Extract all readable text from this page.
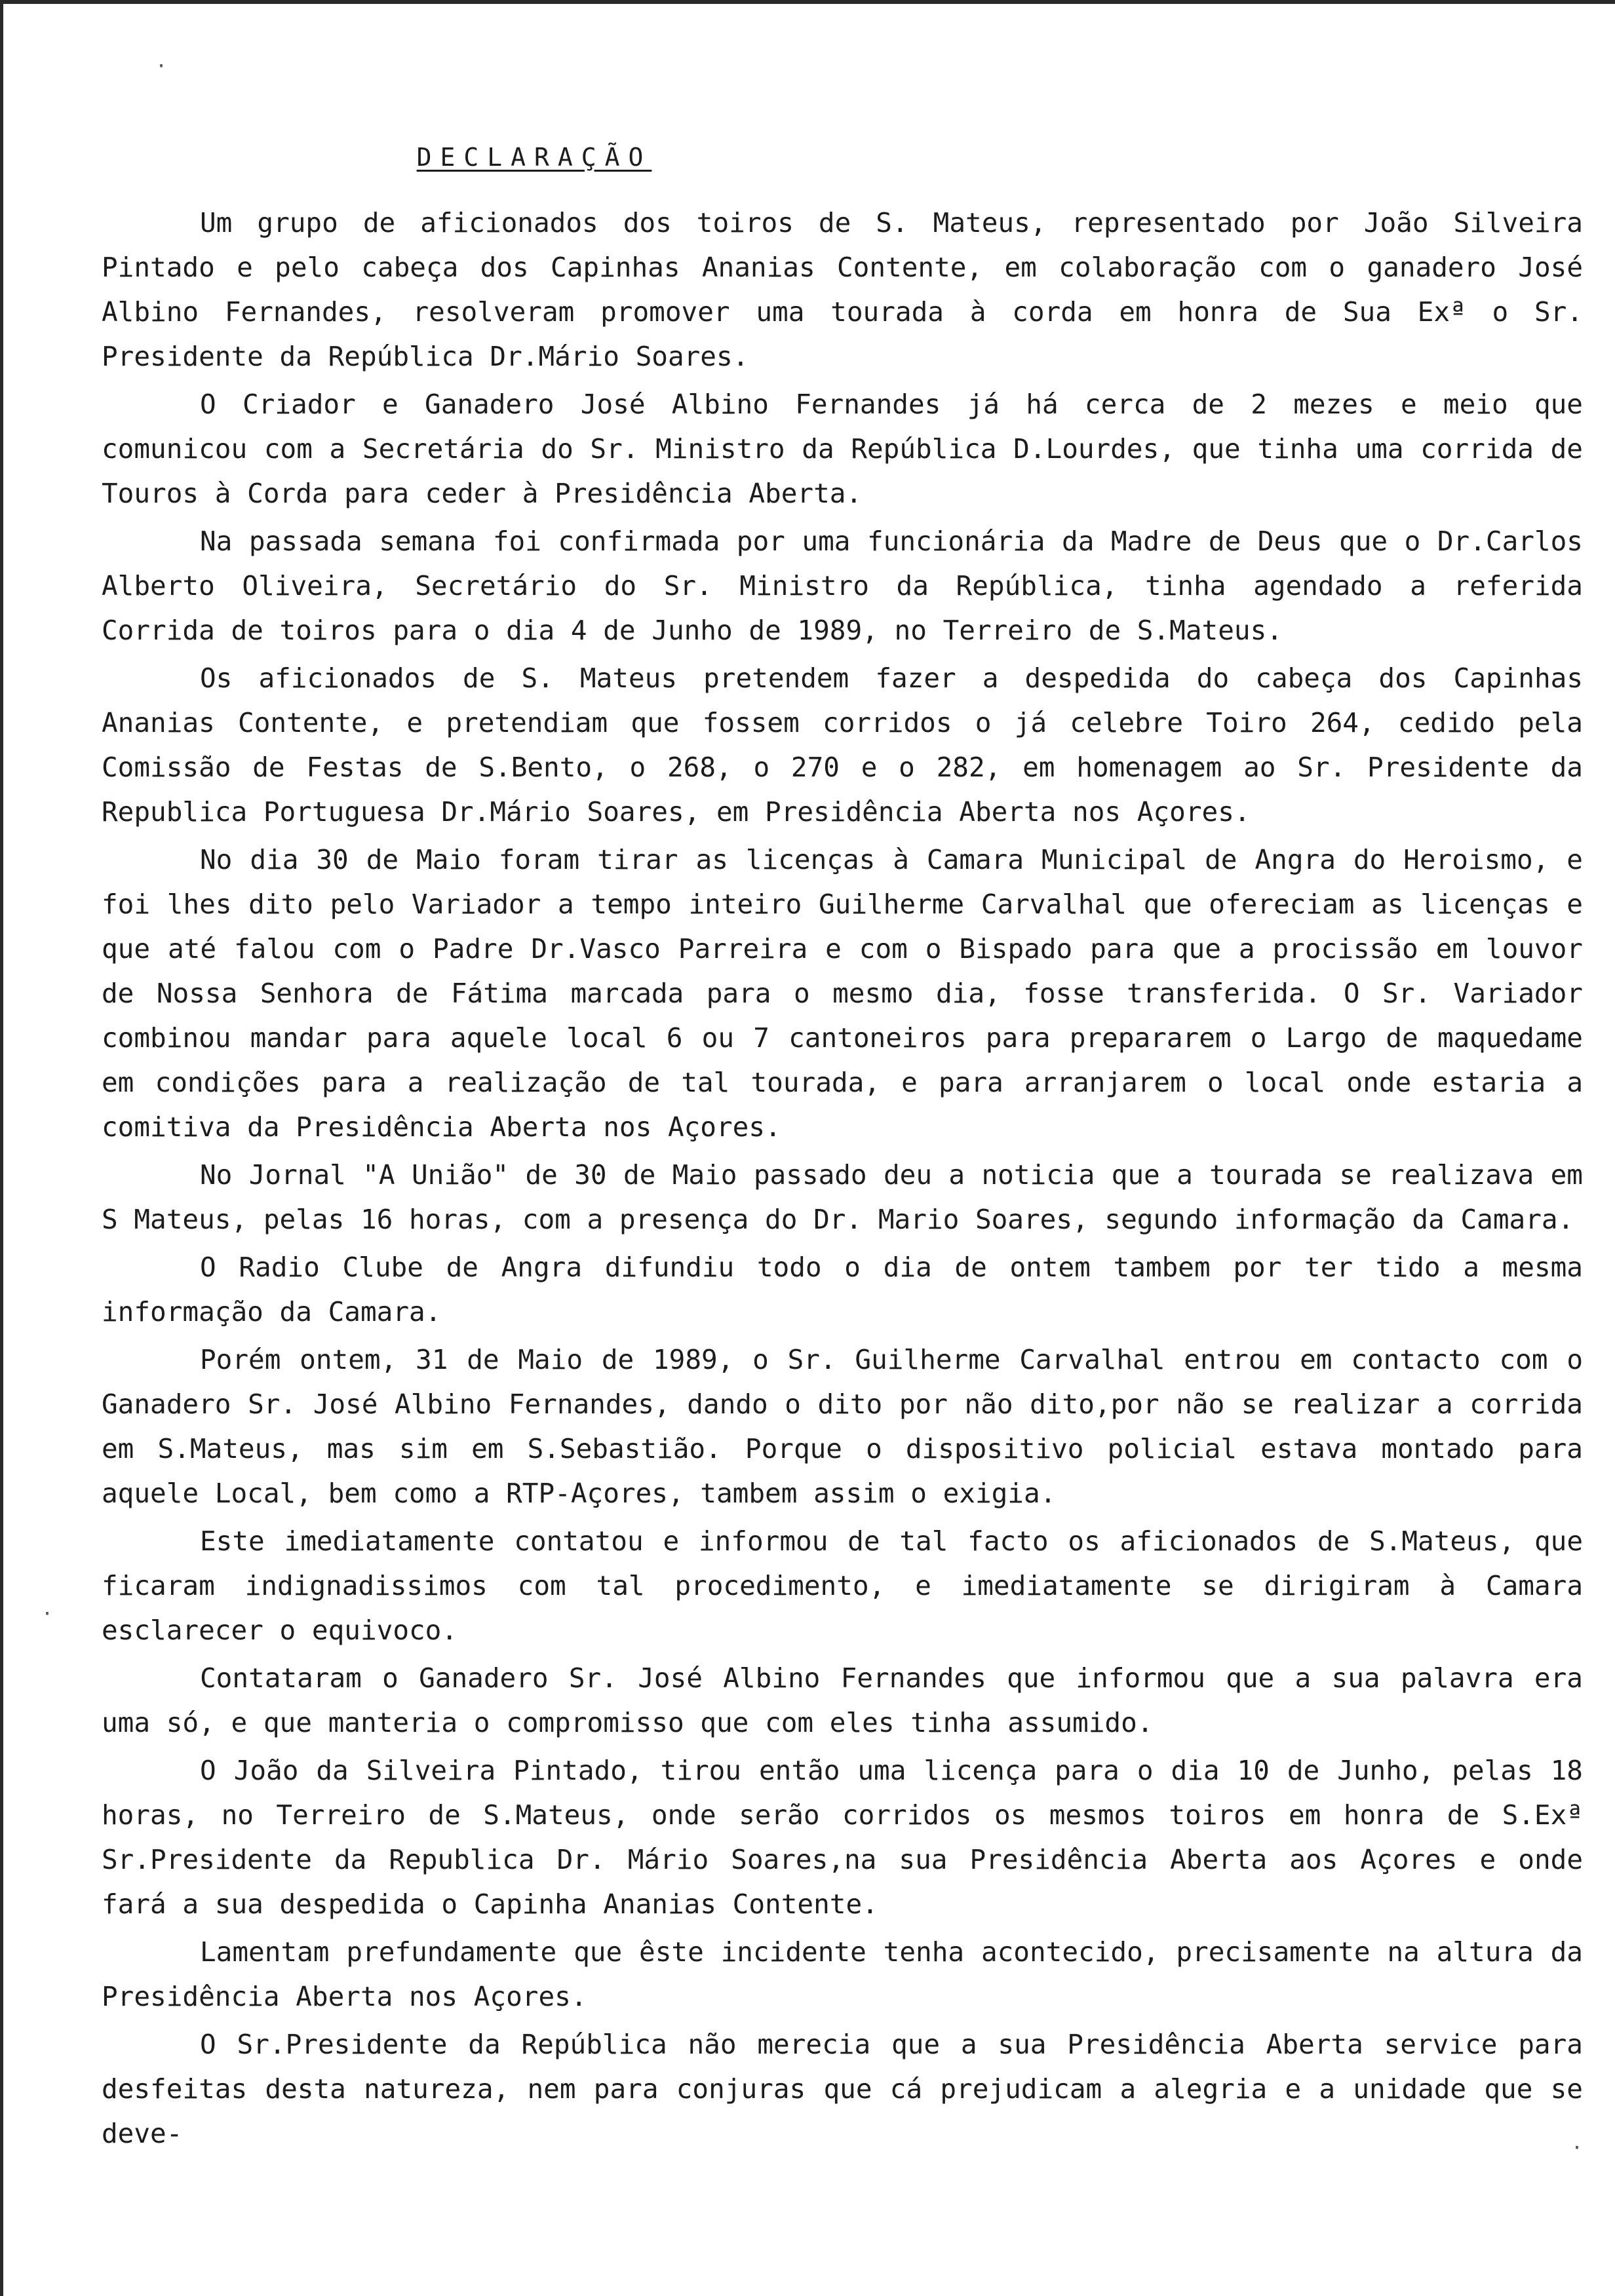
DECLARAÇÃO

Um grupo de aficionados dos toiros de S. Mateus, representado por João Silveira Pintado e pelo cabeça dos Capinhas Ananias Contente, em colaboração com o ganadero José Albino Fernandes, resolveram promover uma tourada à corda em honra de Sua Exª o Sr. Presidente da República Dr.Mário Soares.

O Criador e Ganadero José Albino Fernandes já há cerca de 2 mezes e meio que comunicou com a Secretária do Sr. Ministro da República D.Lourdes, que tinha uma corrida de Touros à Corda para ceder à Presidência Aberta.

Na passada semana foi confirmada por uma funcionária da Madre de Deus que o Dr.Carlos Alberto Oliveira, Secretário do Sr. Ministro da República, tinha agendado a referida Corrida de toiros para o dia 4 de Junho de 1989, no Terreiro de S.Mateus.

Os aficionados de S. Mateus pretendem fazer a despedida do cabeça dos Capinhas Ananias Contente, e pretendiam que fossem corridos o já celebre Toiro 264, cedido pela Comissão de Festas de S.Bento, o 268, o 270 e o 282, em homenagem ao Sr. Presidente da Republica Portuguesa Dr.Mário Soares, em Presidência Aberta nos Açores.

No dia 30 de Maio foram tirar as licenças à Camara Municipal de Angra do Heroismo, e foi lhes dito pelo Variador a tempo inteiro Guilherme Carvalhal que ofereciam as licenças e que até falou com o Padre Dr.Vasco Parreira e com o Bispado para que a procissão em louvor de Nossa Senhora de Fátima marcada para o mesmo dia, fosse transferida. O Sr. Variador combinou mandar para aquele local 6 ou 7 cantoneiros para prepararem o Largo de maquedame em condições para a realização de tal tourada, e para arranjarem o local onde estaria a comitiva da Presidência Aberta nos Açores.

No Jornal "A União" de 30 de Maio passado deu a noticia que a tourada se realizava em S Mateus, pelas 16 horas, com a presença do Dr. Mario Soares, segundo informação da Camara.

O Radio Clube de Angra difundiu todo o dia de ontem tambem por ter tido a mesma informação da Camara.

Porém ontem, 31 de Maio de 1989, o Sr. Guilherme Carvalhal entrou em contacto com o Ganadero Sr. José Albino Fernandes, dando o dito por não dito,por não se realizar a corrida em S.Mateus, mas sim em S.Sebastião. Porque o dispositivo policial estava montado para aquele Local, bem como a RTP-Açores, tambem assim o exigia.

Este imediatamente contatou e informou de tal facto os aficionados de S.Mateus, que ficaram indignadissimos com tal procedimento, e imediatamente se dirigiram à Camara esclarecer o equivoco.

Contataram o Ganadero Sr. José Albino Fernandes que informou que a sua palavra era uma só, e que manteria o compromisso que com eles tinha assumido.

O João da Silveira Pintado, tirou então uma licença para o dia 10 de Junho, pelas 18 horas, no Terreiro de S.Mateus, onde serão corridos os mesmos toiros em honra de S.Exª Sr.Presidente da Republica Dr. Mário Soares,na sua Presidência Aberta aos Açores e onde fará a sua despedida o Capinha Ananias Contente.

Lamentam prefundamente que êste incidente tenha acontecido, precisamente na altura da Presidência Aberta nos Açores.

O Sr.Presidente da República não merecia que a sua Presidência Aberta service para desfeitas desta natureza, nem para conjuras que cá prejudicam a alegria e a unidade que se deve-

·
·
·
